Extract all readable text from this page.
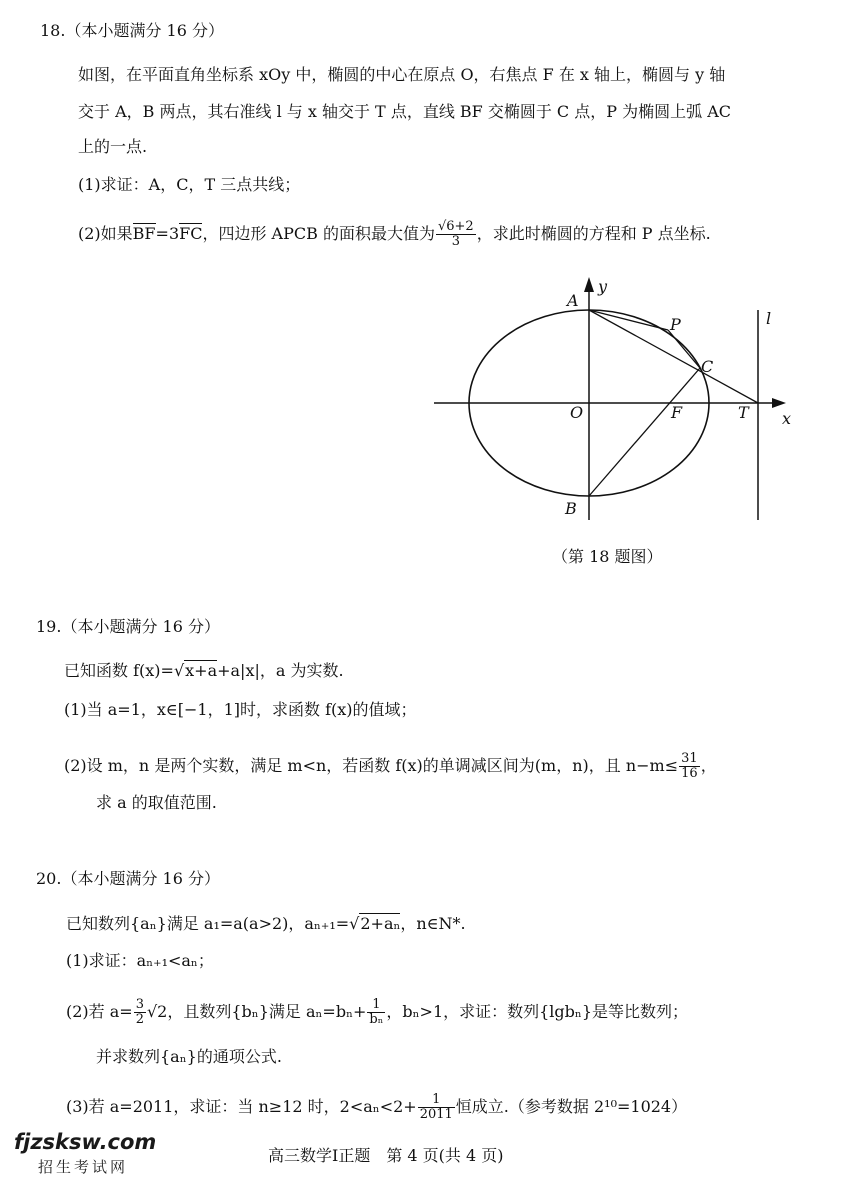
18.（本小题满分 16 分）
如图，在平面直角坐标系 xOy 中，椭圆的中心在原点 O，右焦点 F 在 x 轴上，椭圆与 y 轴
交于 A，B 两点，其右准线 l 与 x 轴交于 T 点，直线 BF 交椭圆于 C 点，P 为椭圆上弧 AC
上的一点.
(1)求证：A，C，T 三点共线；
(2)如果BF=3FC，四边形 APCB 的面积最大值为 $\frac{√6+2}{3}$ ，求此时椭圆的方程和 P 点坐标.
A
y
P	l
C
O	F	T x
B
（第 18 题图）
19.（本小题满分 16 分）
已知函数 f(x)=√x+a+a|x|，a 为实数.
(1)当 a=1，x∈[−1，1]时，求函数 f(x)的值域；
(2)设 m，n 是两个实数，满足 m<n，若函数 f(x)的单调减区间为(m，n)，且 $n-m\le \frac{31}{16}$ ，
求 a 的取值范围.
20.（本小题满分 16 分）
已知数列{aₙ}满足 a₁=a(a>2)，aₙ₊₁=√2+aₙ，n∈N*.
(1)求证：aₙ₊₁<aₙ；
(2)若 $a= \frac{3}{2} √2$，且数列{bₙ}满足 $a_n=b_n+ \frac{1}{\text{bₙ}}$ ，bₙ>1，求证：数列{lgbₙ}是等比数列；
并求数列{aₙ}的通项公式.
(3)若 a=2011，求证：当 n≥12 时，$2<a_n<2+ \frac{1}{2011}$ 恒成立.（参考数据 2¹⁰=1024）
高三数学Ⅰ正题　第 4 页(共 4 页)
fjzsksw.com
招生考试网
